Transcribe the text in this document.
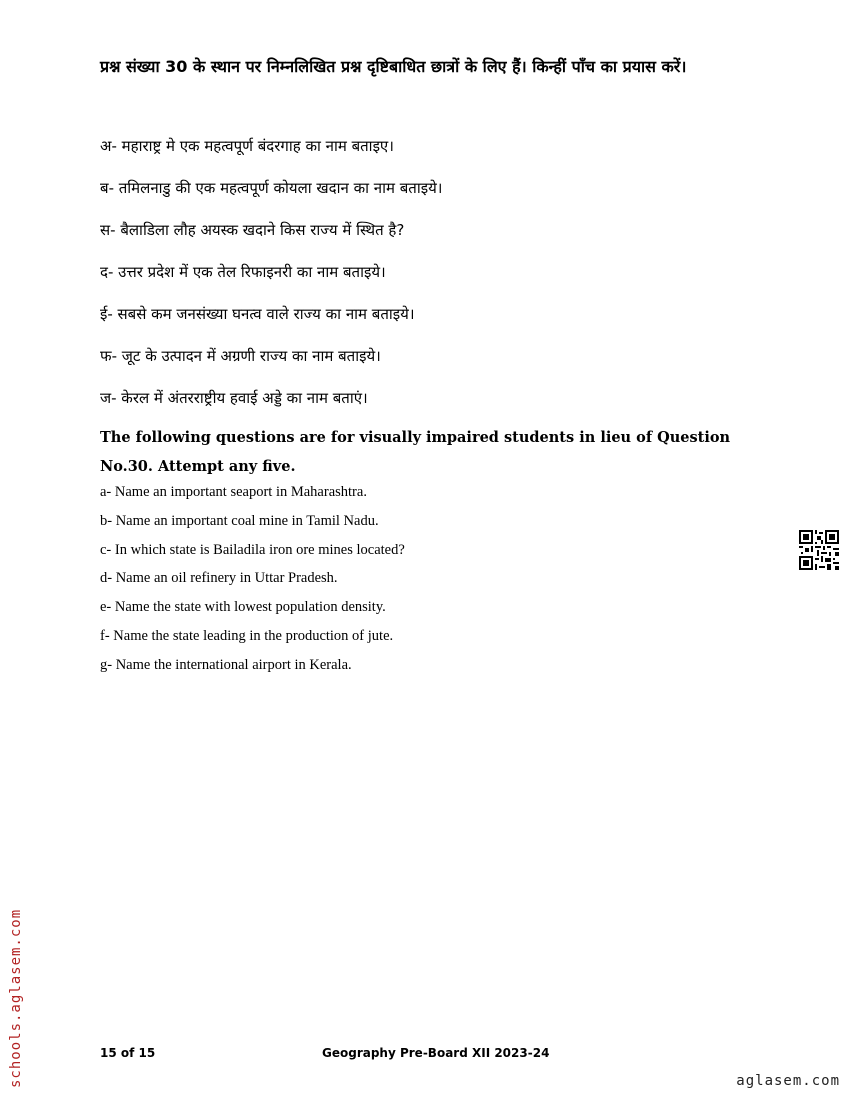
प्रश्न संख्या 30 के स्थान पर निम्नलिखित प्रश्न दृष्टिबाधित छात्रों के लिए हैं। किन्हीं पाँच का प्रयास करें।
अ- महाराष्ट्र मे एक महत्वपूर्ण बंदरगाह का नाम बताइए।
ब- तमिलनाडु की एक महत्वपूर्ण कोयला खदान का नाम बताइये।
स- बैलाडिला लौह अयस्क खदाने किस राज्य में स्थित है?
द- उत्तर प्रदेश में एक तेल रिफाइनरी का नाम बताइये।
ई- सबसे कम जनसंख्या घनत्व वाले राज्य का नाम बताइये।
फ- जूट के उत्पादन में अग्रणी राज्य का नाम बताइये।
ज- केरल में अंतरराष्ट्रीय हवाई अड्डे का नाम बताएं।
The following questions are for visually impaired students in lieu of Question No.30. Attempt any five.
a- Name an important seaport in Maharashtra.
b- Name an important coal mine in Tamil Nadu.
c- In which state is Bailadila iron ore mines located?
d- Name an oil refinery in Uttar Pradesh.
e- Name the state with lowest population density.
f- Name the state leading in the production of jute.
g- Name the international airport in Kerala.
15 of 15	Geography Pre-Board XII 2023-24
schools.aglasem.com	aglasem.com
